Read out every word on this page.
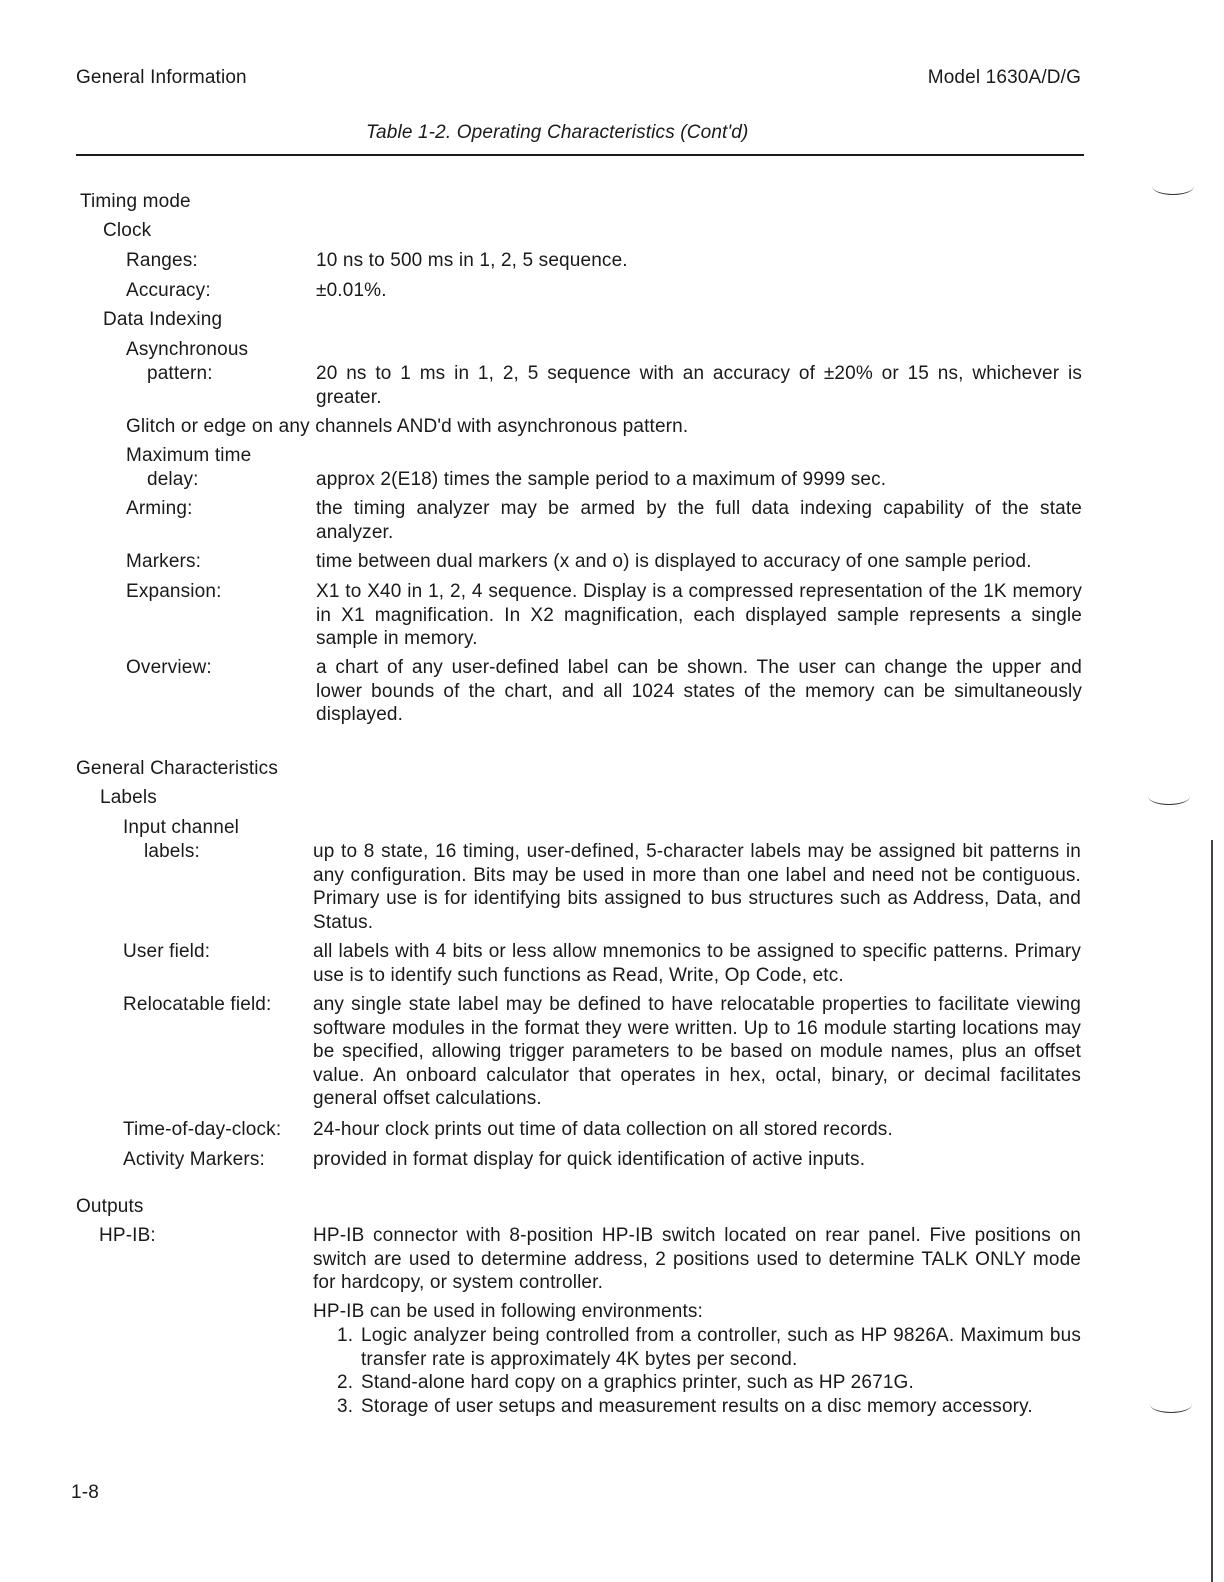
General Information	Model 1630A/D/G
Table 1-2. Operating Characteristics (Cont'd)
Timing mode
Clock
Ranges:	10 ns to 500 ms in 1, 2, 5 sequence.
Accuracy:	±0.01%.
Data Indexing
Asynchronous
pattern:	20 ns to 1 ms in 1, 2, 5 sequence with an accuracy of ±20% or 15 ns, whichever is greater.
Glitch or edge on any channels AND'd with asynchronous pattern.
Maximum time
delay:	approx 2(E18) times the sample period to a maximum of 9999 sec.
Arming:	the timing analyzer may be armed by the full data indexing capability of the state analyzer.
Markers:	time between dual markers (x and o) is displayed to accuracy of one sample period.
Expansion:	X1 to X40 in 1, 2, 4 sequence. Display is a compressed representation of the 1K memory in X1 magnification. In X2 magnification, each displayed sample represents a single sample in memory.
Overview:	a chart of any user-defined label can be shown. The user can change the upper and lower bounds of the chart, and all 1024 states of the memory can be simultaneously displayed.
General Characteristics
Labels
Input channel
labels:	up to 8 state, 16 timing, user-defined, 5-character labels may be assigned bit patterns in any configuration. Bits may be used in more than one label and need not be contiguous. Primary use is for identifying bits assigned to bus structures such as Address, Data, and Status.
User field:	all labels with 4 bits or less allow mnemonics to be assigned to specific patterns. Primary use is to identify such functions as Read, Write, Op Code, etc.
Relocatable field: any single state label may be defined to have relocatable properties to facilitate viewing software modules in the format they were written. Up to 16 module starting locations may be specified, allowing trigger parameters to be based on module names, plus an offset value. An onboard calculator that operates in hex, octal, binary, or decimal facilitates general offset calculations.
Time-of-day-clock: 24-hour clock prints out time of data collection on all stored records.
Activity Markers:	provided in format display for quick identification of active inputs.
Outputs
HP-IB:	HP-IB connector with 8-position HP-IB switch located on rear panel. Five positions on switch are used to determine address, 2 positions used to determine TALK ONLY mode for hardcopy, or system controller.
HP-IB can be used in following environments:
1. Logic analyzer being controlled from a controller, such as HP 9826A. Maximum bus transfer rate is approximately 4K bytes per second.
2. Stand-alone hard copy on a graphics printer, such as HP 2671G.
3. Storage of user setups and measurement results on a disc memory accessory.
1-8
